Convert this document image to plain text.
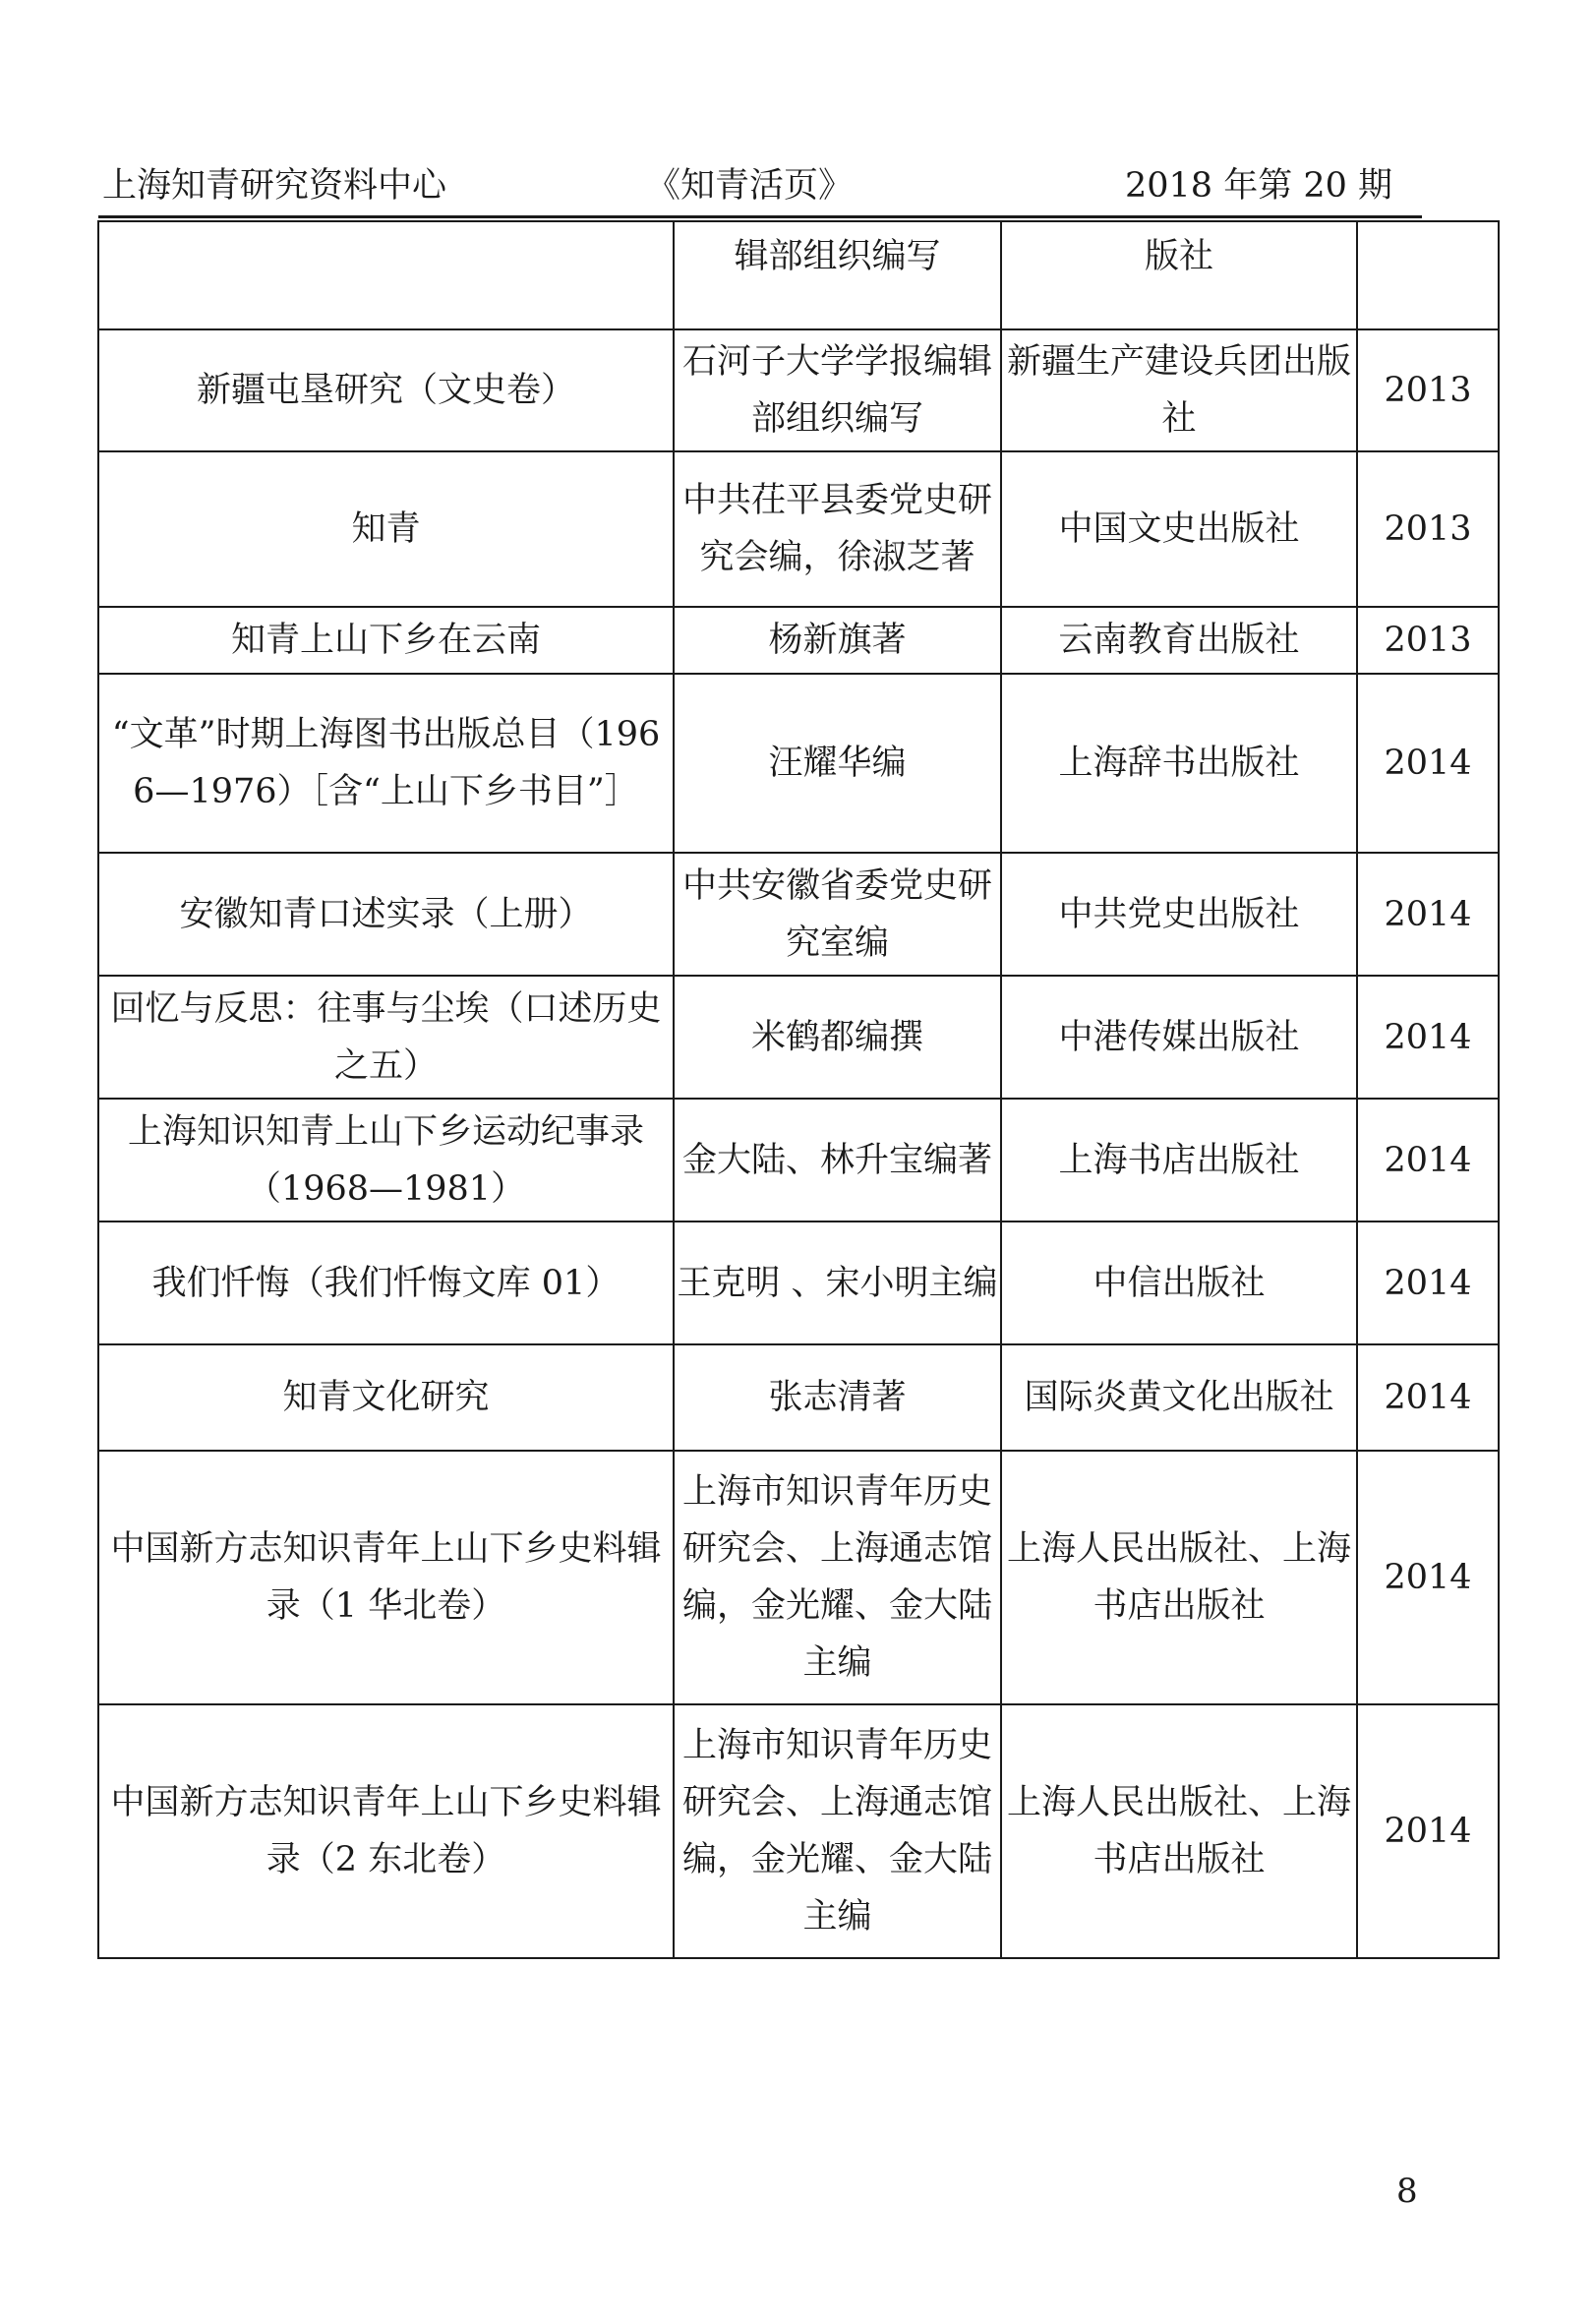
上海知青研究资料中心	《知青活页》	2018 年第 20 期
	辑部组织编写	版社	
新疆屯垦研究（文史卷）	石河子大学学报编辑部组织编写	新疆生产建设兵团出版社	2013
知青	中共茌平县委党史研究会编，徐淑芝著	中国文史出版社	2013
知青上山下乡在云南	杨新旗著	云南教育出版社	2013
“文革”时期上海图书出版总目（1966—1976）［含“上山下乡书目”］	汪耀华编	上海辞书出版社	2014
安徽知青口述实录（上册）	中共安徽省委党史研究室编	中共党史出版社	2014
回忆与反思：往事与尘埃（口述历史之五）	米鹤都编撰	中港传媒出版社	2014
上海知识知青上山下乡运动纪事录（1968—1981）	金大陆、林升宝编著	上海书店出版社	2014
我们忏悔（我们忏悔文库 01）	王克明 、宋小明主编	中信出版社	2014
知青文化研究	张志清著	国际炎黄文化出版社	2014
中国新方志知识青年上山下乡史料辑录（1 华北卷）	上海市知识青年历史研究会、上海通志馆编，金光耀、金大陆主编	上海人民出版社、上海书店出版社	2014
中国新方志知识青年上山下乡史料辑录（2 东北卷）	上海市知识青年历史研究会、上海通志馆编，金光耀、金大陆主编	上海人民出版社、上海书店出版社	2014
8
